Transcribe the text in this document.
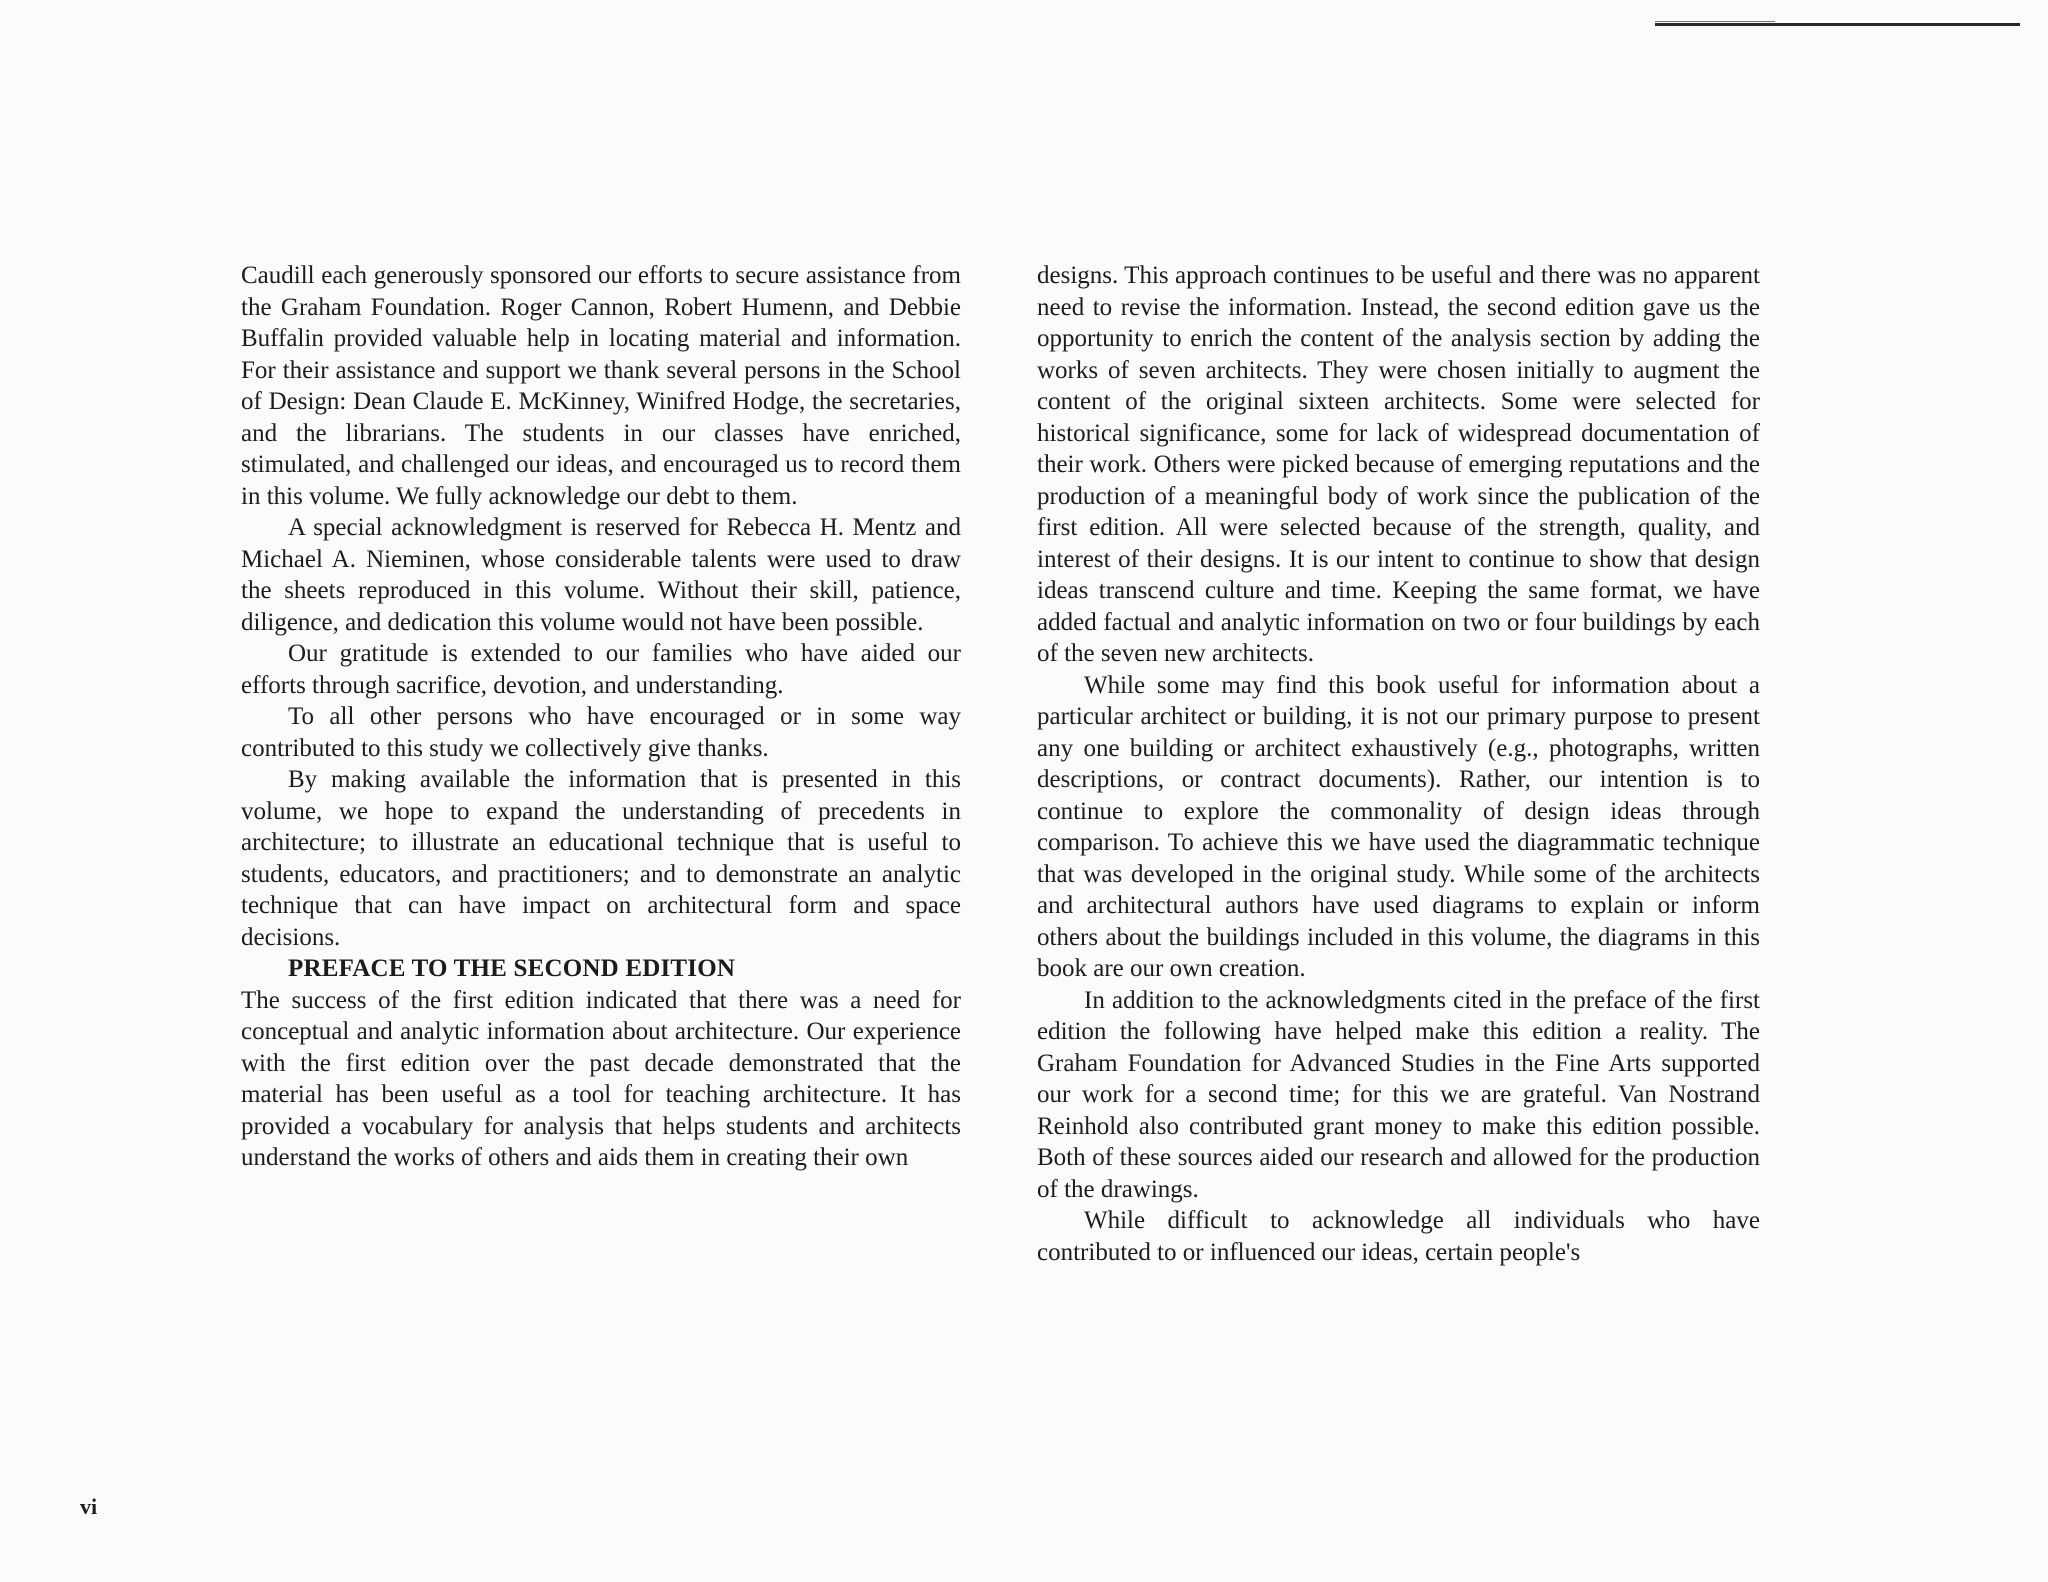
Caudill each generously sponsored our efforts to secure assistance from the Graham Foundation. Roger Cannon, Robert Humenn, and Debbie Buffalin provided valuable help in locating material and information. For their assistance and support we thank several persons in the School of Design: Dean Claude E. McKinney, Winifred Hodge, the secretaries, and the librarians. The students in our classes have enriched, stimulated, and challenged our ideas, and encouraged us to record them in this volume. We fully acknowledge our debt to them.

A special acknowledgment is reserved for Rebecca H. Mentz and Michael A. Nieminen, whose considerable talents were used to draw the sheets reproduced in this volume. Without their skill, patience, diligence, and dedication this volume would not have been possible.

Our gratitude is extended to our families who have aided our efforts through sacrifice, devotion, and understanding.

To all other persons who have encouraged or in some way contributed to this study we collectively give thanks.

By making available the information that is presented in this volume, we hope to expand the understanding of precedents in architecture; to illustrate an educational technique that is useful to students, educators, and practitioners; and to demonstrate an analytic technique that can have impact on architectural form and space decisions.

PREFACE TO THE SECOND EDITION

The success of the first edition indicated that there was a need for conceptual and analytic information about architecture. Our experience with the first edition over the past decade demonstrated that the material has been useful as a tool for teaching architecture. It has provided a vocabulary for analysis that helps students and architects understand the works of others and aids them in creating their own

designs. This approach continues to be useful and there was no apparent need to revise the information. Instead, the second edition gave us the opportunity to enrich the content of the analysis section by adding the works of seven architects. They were chosen initially to augment the content of the original sixteen architects. Some were selected for historical significance, some for lack of widespread documentation of their work. Others were picked because of emerging reputations and the production of a meaningful body of work since the publication of the first edition. All were selected because of the strength, quality, and interest of their designs. It is our intent to continue to show that design ideas transcend culture and time. Keeping the same format, we have added factual and analytic information on two or four buildings by each of the seven new architects.

While some may find this book useful for information about a particular architect or building, it is not our primary purpose to present any one building or architect exhaustively (e.g., photographs, written descriptions, or contract documents). Rather, our intention is to continue to explore the commonality of design ideas through comparison. To achieve this we have used the diagrammatic technique that was developed in the original study. While some of the architects and architectural authors have used diagrams to explain or inform others about the buildings included in this volume, the diagrams in this book are our own creation.

In addition to the acknowledgments cited in the preface of the first edition the following have helped make this edition a reality. The Graham Foundation for Advanced Studies in the Fine Arts supported our work for a second time; for this we are grateful. Van Nostrand Reinhold also contributed grant money to make this edition possible. Both of these sources aided our research and allowed for the production of the drawings.

While difficult to acknowledge all individuals who have contributed to or influenced our ideas, certain people's

vi
